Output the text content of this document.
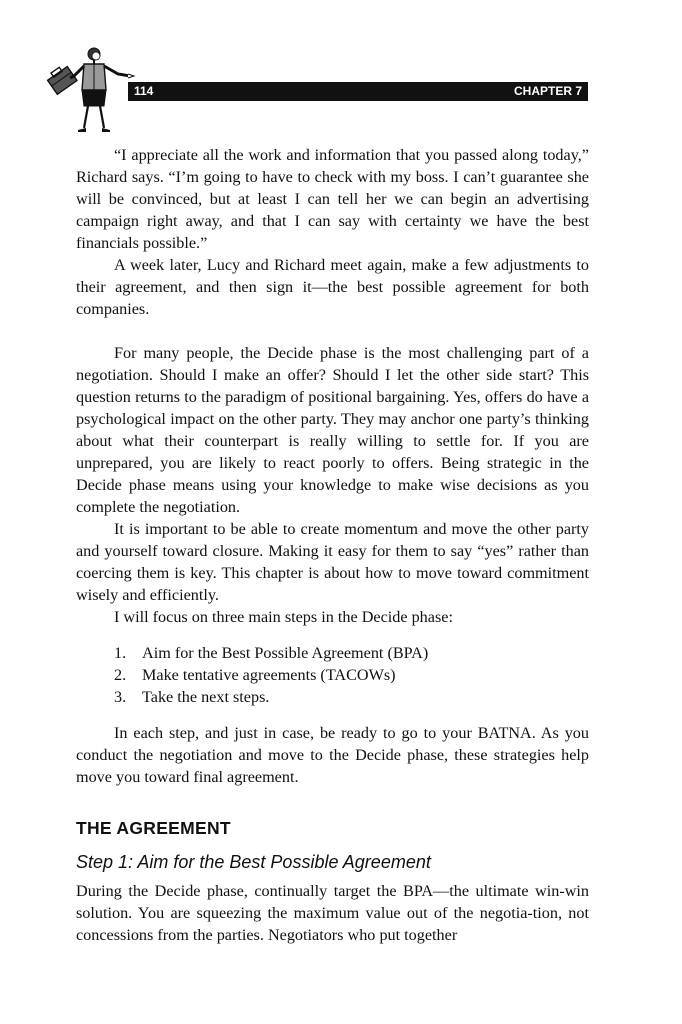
114	CHAPTER 7

“I appreciate all the work and information that you passed along today,” Richard says. “I’m going to have to check with my boss. I can’t guarantee she will be convinced, but at least I can tell her we can begin an advertising campaign right away, and that I can say with certainty we have the best financials possible.”

A week later, Lucy and Richard meet again, make a few adjustments to their agreement, and then sign it—the best possible agreement for both companies.

For many people, the Decide phase is the most challenging part of a negotiation. Should I make an offer? Should I let the other side start? This question returns to the paradigm of positional bargaining. Yes, offers do have a psychological impact on the other party. They may anchor one party’s thinking about what their counterpart is really willing to settle for. If you are unprepared, you are likely to react poorly to offers. Being strategic in the Decide phase means using your knowledge to make wise decisions as you complete the negotiation.

It is important to be able to create momentum and move the other party and yourself toward closure. Making it easy for them to say “yes” rather than coercing them is key. This chapter is about how to move toward commitment wisely and efficiently.

I will focus on three main steps in the Decide phase:

1. Aim for the Best Possible Agreement (BPA)
2. Make tentative agreements (TACOWs)
3. Take the next steps.

In each step, and just in case, be ready to go to your BATNA. As you conduct the negotiation and move to the Decide phase, these strategies help move you toward final agreement.

THE AGREEMENT
Step 1: Aim for the Best Possible Agreement

During the Decide phase, continually target the BPA—the ultimate win-win solution. You are squeezing the maximum value out of the negotia-tion, not concessions from the parties. Negotiators who put together
